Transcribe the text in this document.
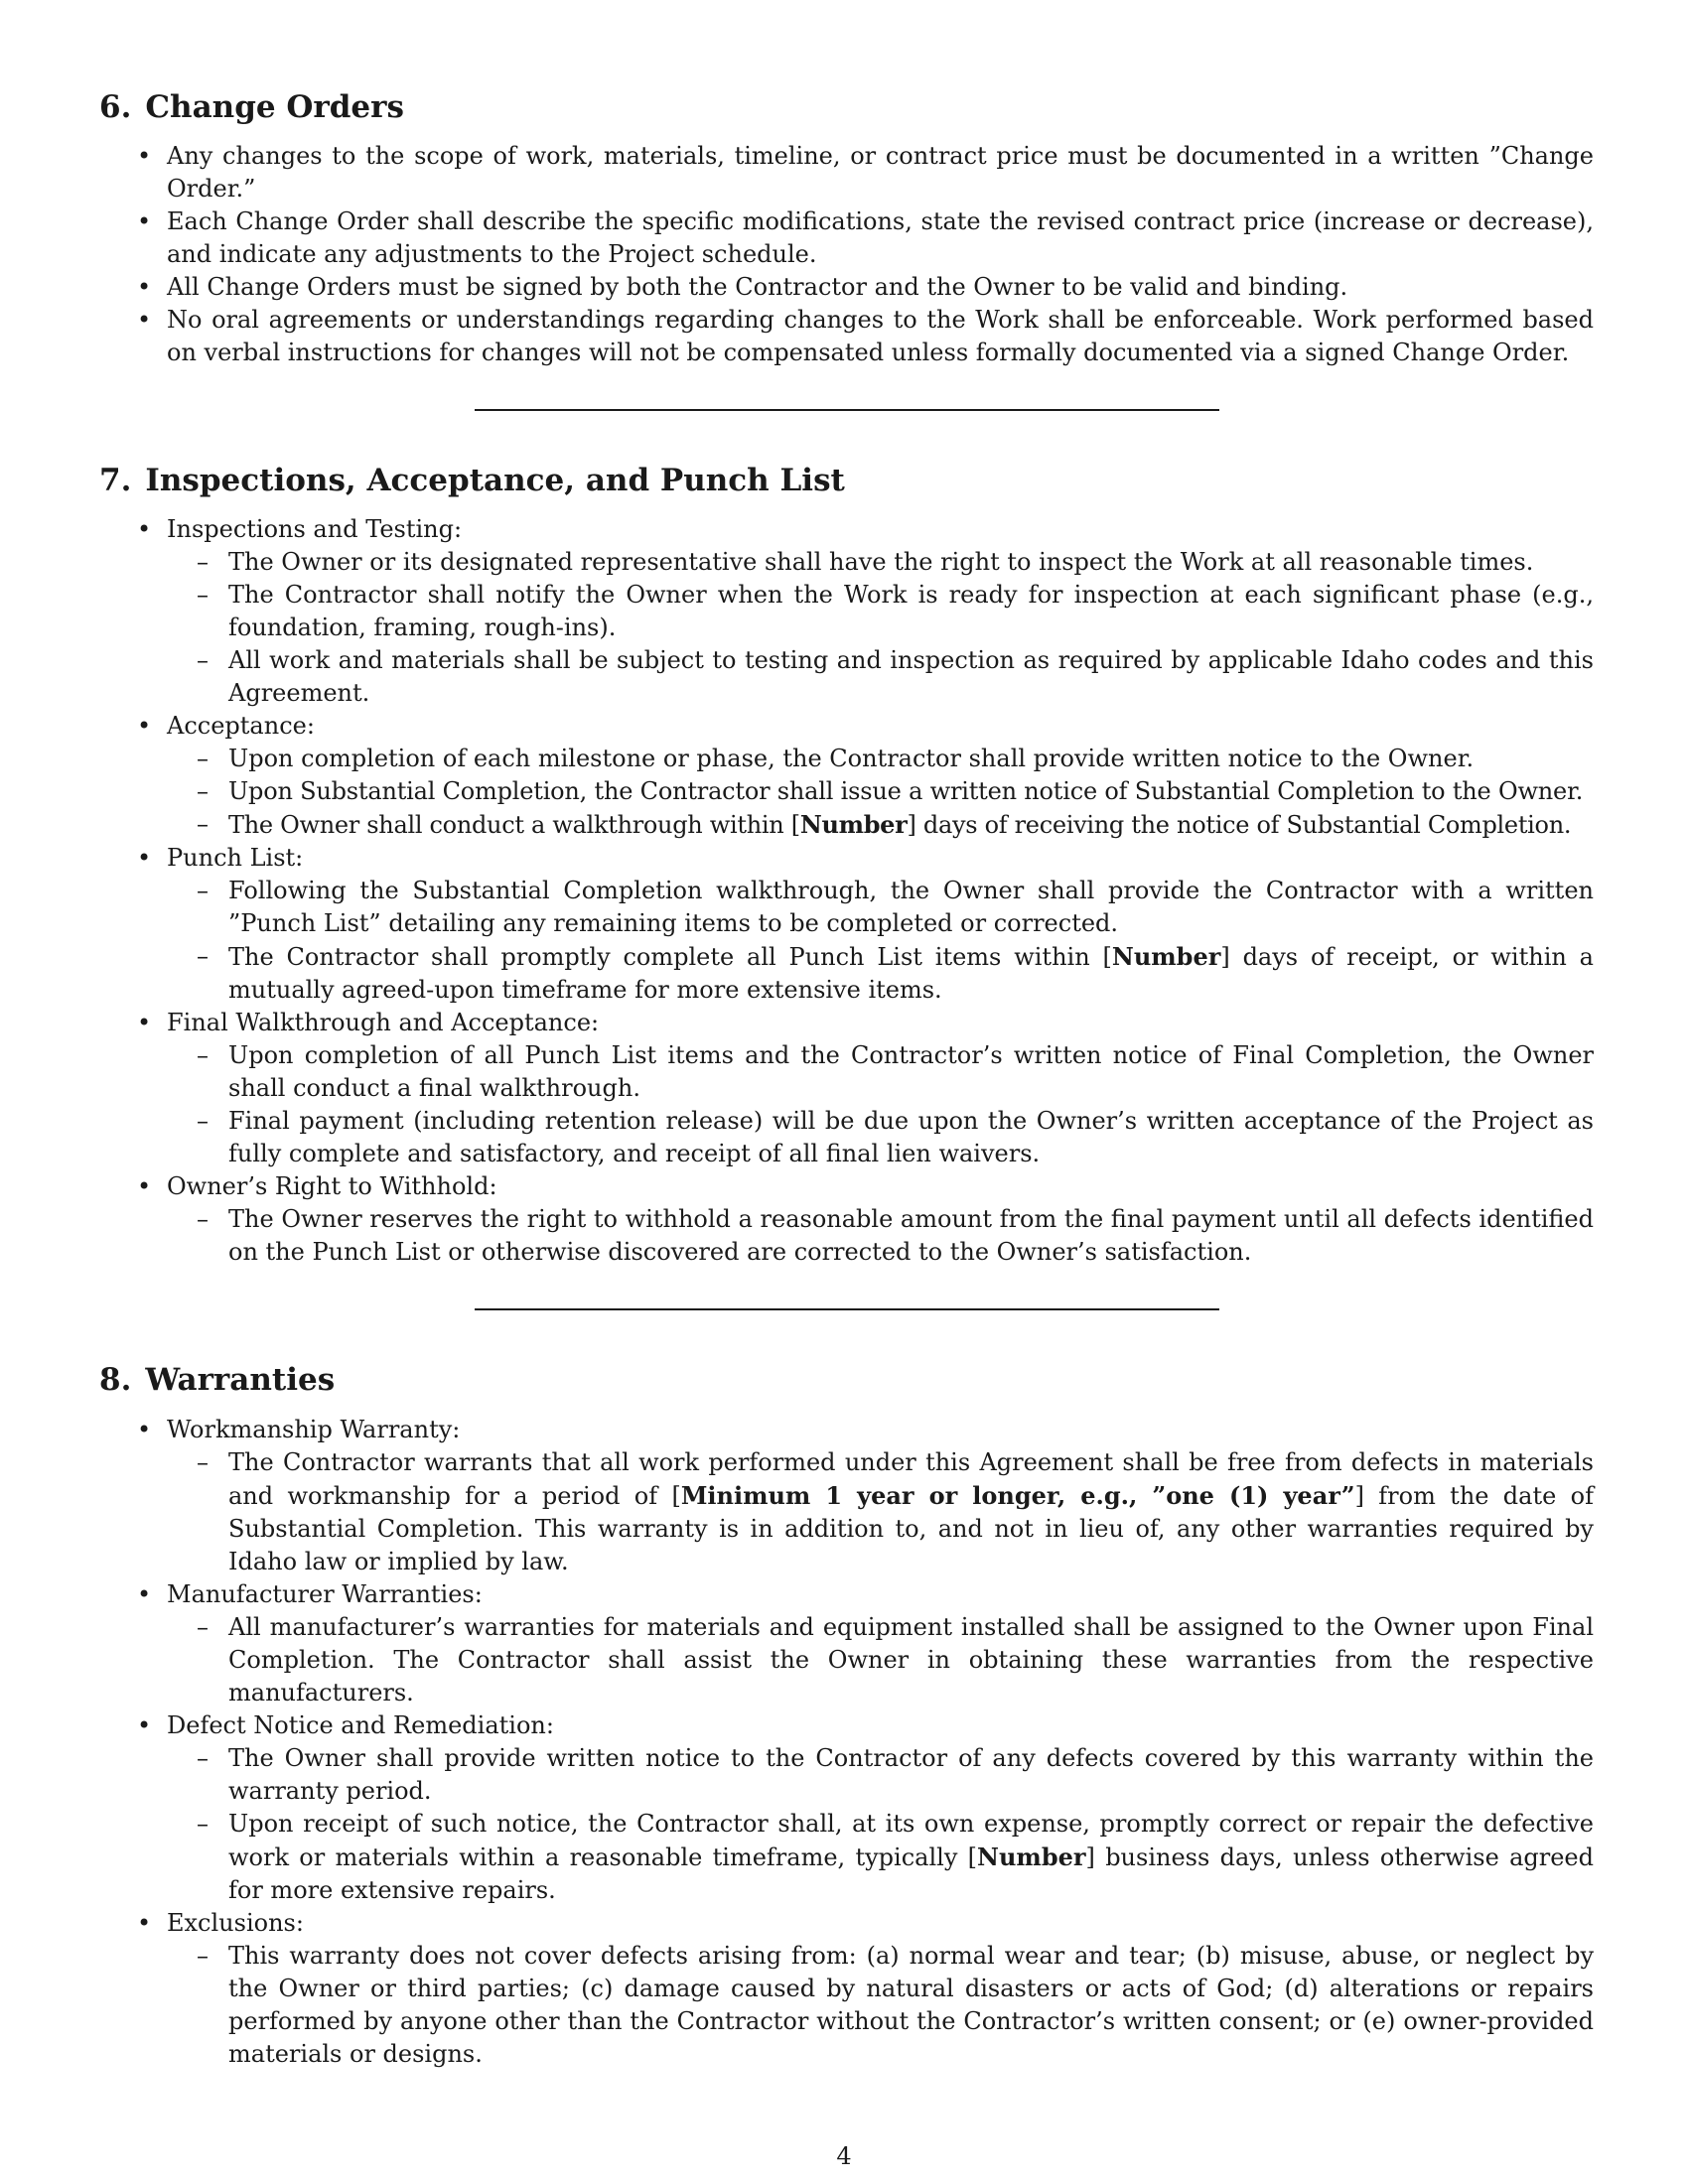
6. Change Orders
• Any changes to the scope of work, materials, timeline, or contract price must be documented in a written ”Change Order.”
• Each Change Order shall describe the specific modifications, state the revised contract price (increase or decrease), and indicate any adjustments to the Project schedule.
• All Change Orders must be signed by both the Contractor and the Owner to be valid and binding.
• No oral agreements or understandings regarding changes to the Work shall be enforceable. Work performed based on verbal instructions for changes will not be compensated unless formally documented via a signed Change Order.
7. Inspections, Acceptance, and Punch List
• Inspections and Testing:
– The Owner or its designated representative shall have the right to inspect the Work at all reasonable times.
– The Contractor shall notify the Owner when the Work is ready for inspection at each significant phase (e.g., foundation, framing, rough-ins).
– All work and materials shall be subject to testing and inspection as required by applicable Idaho codes and this Agreement.
• Acceptance:
– Upon completion of each milestone or phase, the Contractor shall provide written notice to the Owner.
– Upon Substantial Completion, the Contractor shall issue a written notice of Substantial Completion to the Owner.
– The Owner shall conduct a walkthrough within [Number] days of receiving the notice of Substantial Completion.
• Punch List:
– Following the Substantial Completion walkthrough, the Owner shall provide the Contractor with a written ”Punch List” detailing any remaining items to be completed or corrected.
– The Contractor shall promptly complete all Punch List items within [Number] days of receipt, or within a mutually agreed-upon timeframe for more extensive items.
• Final Walkthrough and Acceptance:
– Upon completion of all Punch List items and the Contractor’s written notice of Final Completion, the Owner shall conduct a final walkthrough.
– Final payment (including retention release) will be due upon the Owner’s written acceptance of the Project as fully complete and satisfactory, and receipt of all final lien waivers.
• Owner’s Right to Withhold:
– The Owner reserves the right to withhold a reasonable amount from the final payment until all defects identified on the Punch List or otherwise discovered are corrected to the Owner’s satisfaction.
8. Warranties
• Workmanship Warranty:
– The Contractor warrants that all work performed under this Agreement shall be free from defects in materials and workmanship for a period of [Minimum 1 year or longer, e.g., ”one (1) year”] from the date of Substantial Completion. This warranty is in addition to, and not in lieu of, any other warranties required by Idaho law or implied by law.
• Manufacturer Warranties:
– All manufacturer’s warranties for materials and equipment installed shall be assigned to the Owner upon Final Completion. The Contractor shall assist the Owner in obtaining these warranties from the respective manufacturers.
• Defect Notice and Remediation:
– The Owner shall provide written notice to the Contractor of any defects covered by this warranty within the warranty period.
– Upon receipt of such notice, the Contractor shall, at its own expense, promptly correct or repair the defective work or materials within a reasonable timeframe, typically [Number] business days, unless otherwise agreed for more extensive repairs.
• Exclusions:
– This warranty does not cover defects arising from: (a) normal wear and tear; (b) misuse, abuse, or neglect by the Owner or third parties; (c) damage caused by natural disasters or acts of God; (d) alterations or repairs performed by anyone other than the Contractor without the Contractor’s written consent; or (e) owner-provided materials or designs.
4
